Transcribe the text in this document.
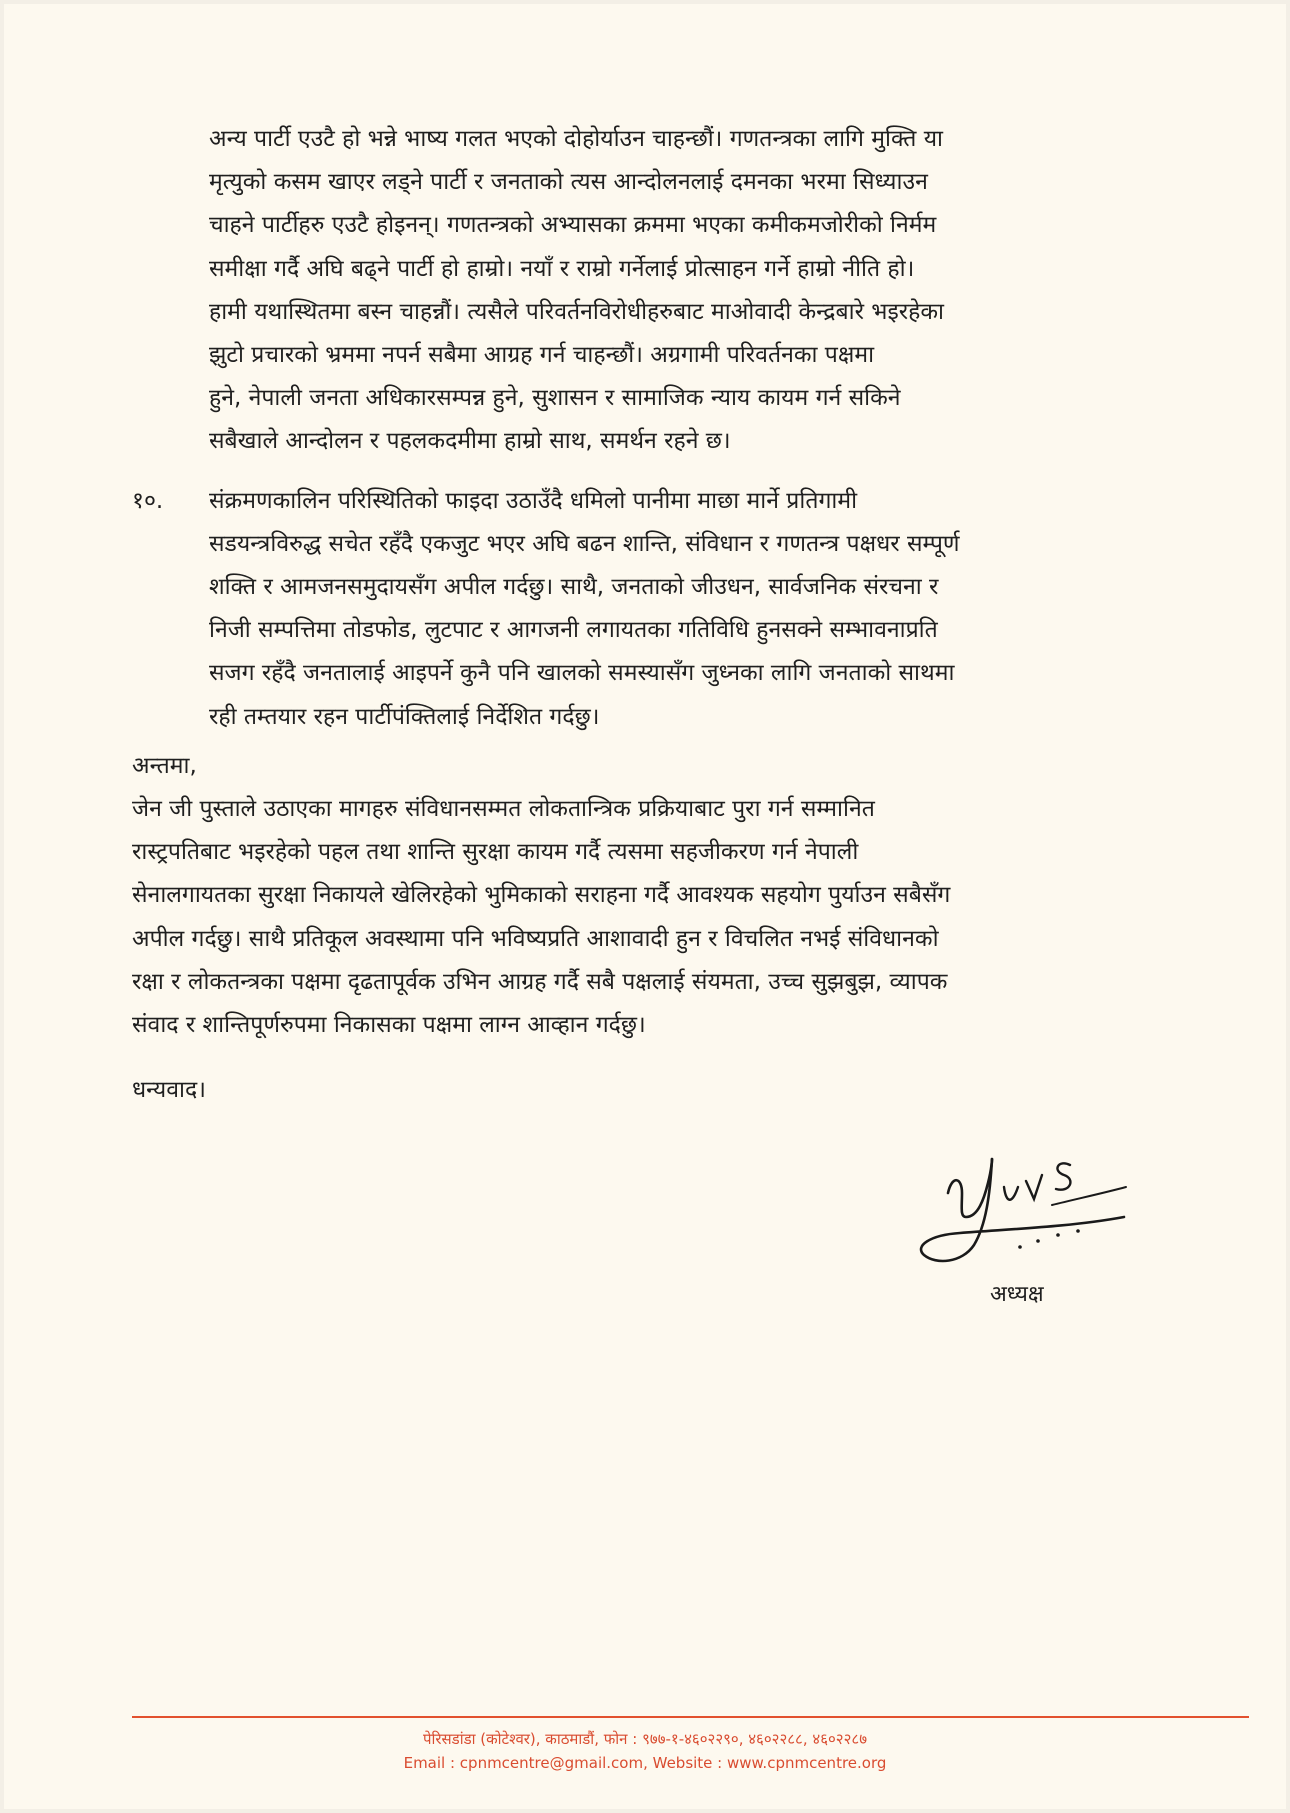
अन्य पार्टी एउटै हो भन्ने भाष्य गलत भएको दोहोर्याउन चाहन्छौं। गणतन्त्रका लागि मुक्ति या
मृत्युको कसम खाएर लड्ने पार्टी र जनताको त्यस आन्दोलनलाई दमनका भरमा सिध्याउन
चाहने पार्टीहरु एउटै होइनन्। गणतन्त्रको अभ्यासका क्रममा भएका कमीकमजोरीको निर्मम
समीक्षा गर्दै अघि बढ्ने पार्टी हो हाम्रो। नयाँ र राम्रो गर्नेलाई प्रोत्साहन गर्ने हाम्रो नीति हो।
हामी यथास्थितमा बस्न चाहन्नौं। त्यसैले परिवर्तनविरोधीहरुबाट माओवादी केन्द्रबारे भइरहेका
झुटो प्रचारको भ्रममा नपर्न सबैमा आग्रह गर्न चाहन्छौं। अग्रगामी परिवर्तनका पक्षमा
हुने, नेपाली जनता अधिकारसम्पन्न हुने, सुशासन र सामाजिक न्याय कायम गर्न सकिने
सबैखाले आन्दोलन र पहलकदमीमा हाम्रो साथ, समर्थन रहने छ।

१०. संक्रमणकालिन परिस्थितिको फाइदा उठाउँदै धमिलो पानीमा माछा मार्ने प्रतिगामी
सडयन्त्रविरुद्ध सचेत रहँदै एकजुट भएर अघि बढन शान्ति, संविधान र गणतन्त्र पक्षधर सम्पूर्ण
शक्ति र आमजनसमुदायसँग अपील गर्दछु। साथै, जनताको जीउधन, सार्वजनिक संरचना र
निजी सम्पत्तिमा तोडफोड, लुटपाट र आगजनी लगायतका गतिविधि हुनसक्ने सम्भावनाप्रति
सजग रहँदै जनतालाई आइपर्ने कुनै पनि खालको समस्यासँग जुध्नका लागि जनताको साथमा
रही तम्तयार रहन पार्टीपंक्तिलाई निर्देशित गर्दछु।

अन्तमा,

जेन जी पुस्ताले उठाएका मागहरु संविधानसम्मत लोकतान्त्रिक प्रक्रियाबाट पुरा गर्न सम्मानित
रास्ट्रपतिबाट भइरहेको पहल तथा शान्ति सुरक्षा कायम गर्दै त्यसमा सहजीकरण गर्न नेपाली
सेनालगायतका सुरक्षा निकायले खेलिरहेको भुमिकाको सराहना गर्दै आवश्यक सहयोग पुर्याउन सबैसँग
अपील गर्दछु। साथै प्रतिकूल अवस्थामा पनि भविष्यप्रति आशावादी हुन र विचलित नभई संविधानको
रक्षा र लोकतन्त्रका पक्षमा दृढतापूर्वक उभिन आग्रह गर्दै सबै पक्षलाई संयमता, उच्च सुझबुझ, व्यापक
संवाद र शान्तिपूर्णरुपमा निकासका पक्षमा लाग्न आव्हान गर्दछु।

धन्यवाद।

अध्यक्ष
पेरिसडांडा (कोटेश्वर), काठमाडौं, फोन : ९७७-१-४६०२२९०, ४६०२२८८, ४६०२२८७
Email : cpnmcentre@gmail.com, Website : www.cpnmcentre.org
